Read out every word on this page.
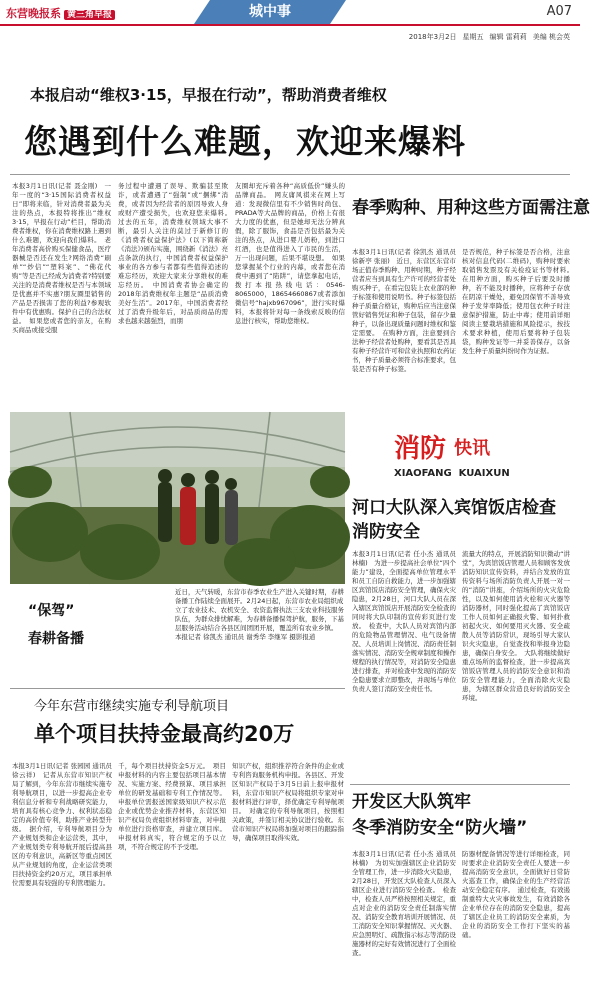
东营晚报系 黄三角早报	城中事	A07
2018年3月2日 星期五 编辑 雷莉莉 美编 桃会英
本报启动“维权3·15，早报在行动”，帮助消费者维权
您遇到什么难题，欢迎来爆料
本报3月1日讯(记者 聂金刚)　一年一度的“3·15国际消费者权益日”即将来临，针对消费者最为关注的热点，本报特将推出“维权3·15，早报在行动”栏目，帮助消费者维权，你在消费维权路上遇到什么难题，欢迎向我们爆料。　老年消费者高价购买保健食品，医疗器械是否还在发生?网络消费“刷单”“炒信”“塑料案”、“佛花代购”等是否已经成为消费者?特别要关注的是消费者维权是否与本领域是优惠并不实惠?朋友圈里销售的产品是否损害了您的利益?参观软件中有优惠购。保护自己的合法权益。　如果您或者您的亲友，在购买商品或接受服
务过程中遭遇了误导、欺骗甚至欺诈，或者遭遇了“强制”或“捆绑”消费，或者因为经营者的原因导致人身或财产遭受损失，也欢迎您来爆料。　过去的五年，消费维权领域大事不断，最引人关注的莫过于新修订的《消费者权益保护法》(以下简称新《消法》)颁布实施，围绕新《消法》亮点条款的执行，中国消费者权益保护事业的各方参与者都有些值得追述的难忘经历，欢迎大家来分享维权的难忘经历。　中国消费者协会确定的2018年消费维权年主题是“品质消费　美好生活”。2017年，中国消费者经过了消费升级年后，对品质商品的需求也越来越强烈，而朋
友圈却充斥着各种“高质低价”嫌头的品牌商品。　网友庸风祺来在网上写道：发现微信里有不少销售时尚包、PRADA等大品牌的商品，价格上有很大力度的优惠，但是她却无法分辨真假，除了服饰，食品是否包括最为关注的热点，从进口婴儿奶粉，到进口红酒，也是值得进入了市民的生活，万一出现问题，后果不堪设想。　如果您掌握某个行业的内幕，或者您在消费中遇到了“陷阱”，请您拿起电话，拨打本报热线电话：0546-8065000，18654660867或者添加微信号“hajxb967096”，进行实时爆料，本报将针对每一条线索反映的信息进行核实，帮助您维权。
“保驾”
春耕备播
近日，天气转暖，东营市春季农业生产进入关键时期，春耕备播工作陆续全面展开。2月24日起，东营市农业局组织成立了农业技术、农机安全、农资监督执法三支农业科技服务队伍，为群众排忧解难，为春耕备播保驾护航，服务，下基层服务活动结合各县区间团团开展，覆盖所有农业乡镇。
本报记者 徐凯杰 通讯员 谢秀华 李继军 摄影报道
春季购种、用种这些方面需注意
本报3月1日讯(记者 徐凯杰 通讯员 徐新亭 张丽)　近日，东营区东营市场正值春季购种、用种时期，种子经营者应当到具有生产许可的经营者处购买种子，在看完包装上农业部的种子标签和使用说明书。种子标签包括种子质量合格证，购种后应当注意保管好销售凭证和种子包装，留存少量种子，以备出现质量问题时维权和鉴定需要。　在购种方面，注意要到合法种子经营者处购种，要看其是否具有种子经营许可和营业执照和农药证书，种子质量必须符合标准要求，包装是否有种子标签。
是否规范，种子标签是否合格，注意核对信息代码(二维码)，购种时要索取销售发票及有关检疫证书等材料。　在用种方面，购买种子后要及时播种，若不能及时播种，应将种子存放在阴凉干燥处，避免因保管不善导致种子发芽率降低；使用包衣种子时注意保护措施，防止中毒；使用前详细阅读主要栽培措施和风险提示，按技术要求种植，使用后要将种子包装袋，购种发证等一并妥善保存，以备发生种子质量纠纷时作为证据。
消防 快讯
XIAOFANG KUAIXUN
河口大队深入宾馆饭店检查消防安全
本报3月1日讯(记者 任小杰 通讯员 林楠)　为进一步提高社会单位“四个能力”建设，全面提高单位管理水平和员工自防自救能力，进一步加强辖区宾馆饭店消防安全管理，确保火灾隐患，2月28日，河口大队人员在深入辖区宾馆饭店开展消防安全检查的同时将大队印制的宣传彩页进行发放。　检查中，大队人员对宾馆内部的危险物品管理情况、电气设备情况、人员培训上岗情况、消防责任制落实情况、消防安全规章制度和操作规程的执行情况等，对消防安全隐患进行排查，并对检查中发现的消防安全隐患要求立即整改，并现场与单位负责人签订消防安全责任书。
流量大的特点，开展消防知识微动“讲堂”，为宾馆饭店管理人员和顾客发放消防知识宣传资料，并结合发放的宣传资料与场所消防负责人开展一对一的“消防”讲座，介绍场所的火灾危险性，以及如何使用消火栓和灭火器等消防器材，同时强化提高了宾馆饭店工作人员如何正确报火警、如何扑救初起火灾、如何要用灭火器、安全疏散人员等消防常识，现场引导大家认识火灾隐患，自觉查找和举报身边隐患，确保自身安全。　大队将继续做好重点场所的监督检查，进一步提高宾馆饭店管理人员的消防安全意识和消防安全管理能力，全面消除火灾隐患，为辖区群众营造良好的消防安全环境。
今年东营市继续实施专利导航项目
单个项目扶持金最高约20万
本报3月1日讯(记者 张园园 通讯员 徐云祥)　记者从东营市知识产权局了解到，今年东营市继续实施专利导航项目，以进一步提高企业专利信息分析和专利战略研究能力，培育具有核心竞争力、权利状态稳定的高价值专利，助推产业转型升级。　据介绍，专利导航项目分为产业规划类和企业运营类，其中，产业规划类专利导航开展后提高县区的专利意识，高新区等重点园区从产业规划的角度，企业运营类项目扶持资金约20万元，项目承担单位需要具有较强的专利管理能力。
千，每个项目扶持资金5万元。　项目申报材料的内容主要包括项目基本情况、实施方案、经费预算、项目承担单位的研发基础和专利工作情况等。申报单位需报送国家级知识产权示范企业或优势企业推荐材料，东营区知识产权局负责组织材料审查，对申报单位进行资格审查，并建立项目库。申报材料真实，符合规定的予以立项，不符合规定的不予受理。
知识产权，组织推荐符合条件的企业或专利咨询服务机构申报。各县区、开发区知识产权局于3月5日前上报申报材料，东营市知识产权局将组织专家对申报材料进行评审，择优确定专利导航项目。　对确定的专利导航项目，按照相关政策，并签订相关协议进行验收。东营市知识产权局将加强对项目的跟踪指导，确保项目取得实效。
开发区大队筑牢
冬季消防安全“防火墙”
本报3月1日讯(记者 任小杰 通讯员 林楠)　为切实加强辖区企业消防安全管理工作，进一步消除火灾隐患，2月28日，开发区大队检查人员深入辖区企业进行消防安全检查。　检查中，检查人员严格按照相关规定，重点对企业的消防安全责任制落实情况、消防安全教育培训开展情况、员工消防安全知识掌握情况、灭火器、应急照明灯、疏散指示标志等消防设施器材的完好有效情况进行了全面检查。
防器材配备情况等进行详细检查，同时要求企业消防安全责任人要进一步提高消防安全意识，全面做好日常防火巡查工作，确保企业的生产经营活动安全稳定有序。　通过检查，有效遏制重特大火灾事故发生，有效消除各企业单位存在的消防安全隐患，提高了辖区企业员工的消防安全素质，为企业的消防安全工作打下坚实的基础。
